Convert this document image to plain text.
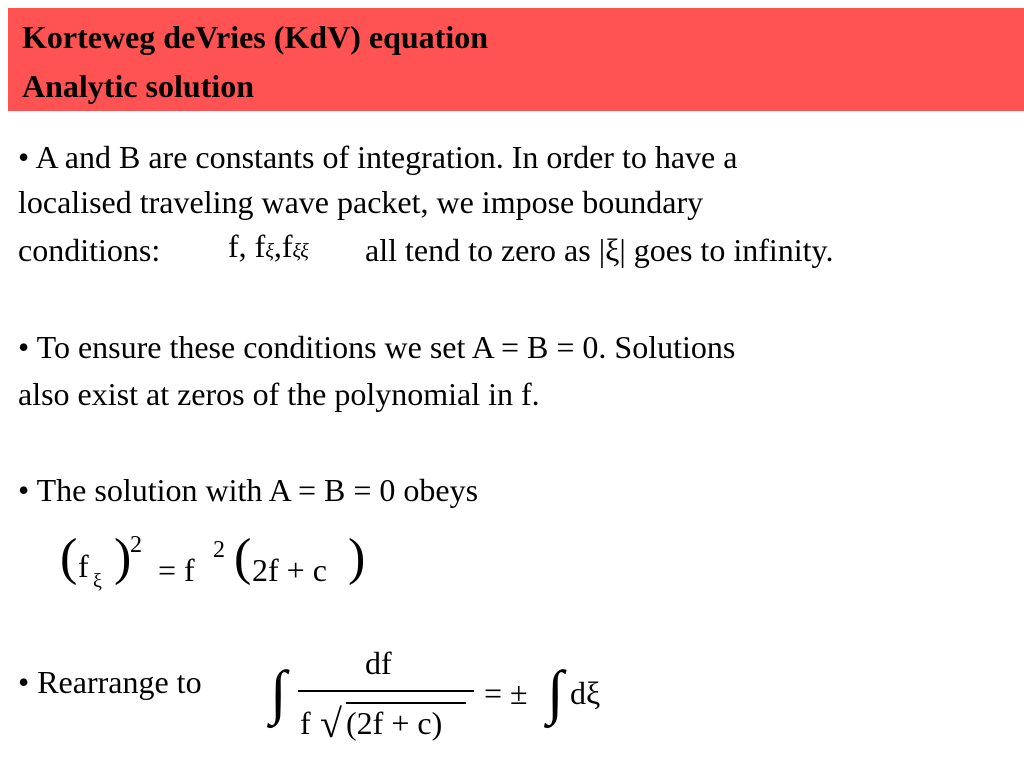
Korteweg deVries (KdV) equation
Analytic solution
• A and B are constants of integration. In order to have a
localised traveling wave packet, we impose boundary
conditions: f, fξ,fξξ all tend to zero as |ξ| goes to infinity.
• To ensure these conditions we set A = B = 0. Solutions
also exist at zeros of the polynomial in f.
• The solution with A = B = 0 obeys
( f ξ )
2
= f
2 ( 2f + c )
• Rearrange to ∫ df
f √ (2f + c)
= ± ∫ dξ
